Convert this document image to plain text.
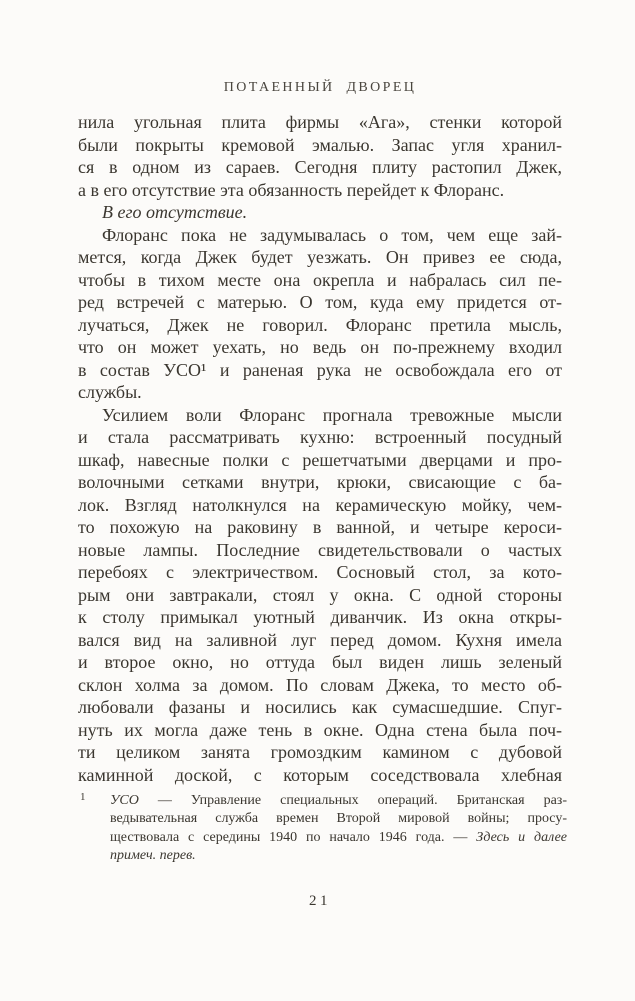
ПОТАЕННЫЙ ДВОРЕЦ
нила угольная плита фирмы «Ага», стенки которой
были покрыты кремовой эмалью. Запас угля хранил-
ся в одном из сараев. Сегодня плиту растопил Джек,
а в его отсутствие эта обязанность перейдет к Флоранс.
В его отсутствие.
Флоранс пока не задумывалась о том, чем еще зай-
мется, когда Джек будет уезжать. Он привез ее сюда,
чтобы в тихом месте она окрепла и набралась сил пе-
ред встречей с матерью. О том, куда ему придется от-
лучаться, Джек не говорил. Флоранс претила мысль,
что он может уехать, но ведь он по-прежнему входил
в состав УСО¹ и раненая рука не освобождала его от
службы.
Усилием воли Флоранс прогнала тревожные мысли
и стала рассматривать кухню: встроенный посудный
шкаф, навесные полки с решетчатыми дверцами и про-
волочными сетками внутри, крюки, свисающие с ба-
лок. Взгляд натолкнулся на керамическую мойку, чем-
то похожую на раковину в ванной, и четыре кероси-
новые лампы. Последние свидетельствовали о частых
перебоях с электричеством. Сосновый стол, за кото-
рым они завтракали, стоял у окна. С одной стороны
к столу примыкал уютный диванчик. Из окна откры-
вался вид на заливной луг перед домом. Кухня имела
и второе окно, но оттуда был виден лишь зеленый
склон холма за домом. По словам Джека, то место об-
любовали фазаны и носились как сумасшедшие. Спуг-
нуть их могла даже тень в окне. Одна стена была поч-
ти целиком занята громоздким камином с дубовой
каминной доской, с которым соседствовала хлебная
1 УСО — Управление специальных операций. Британская раз-
ведывательная служба времен Второй мировой войны; просу-
ществовала с середины 1940 по начало 1946 года. — Здесь и далее
примеч. перев.
21
